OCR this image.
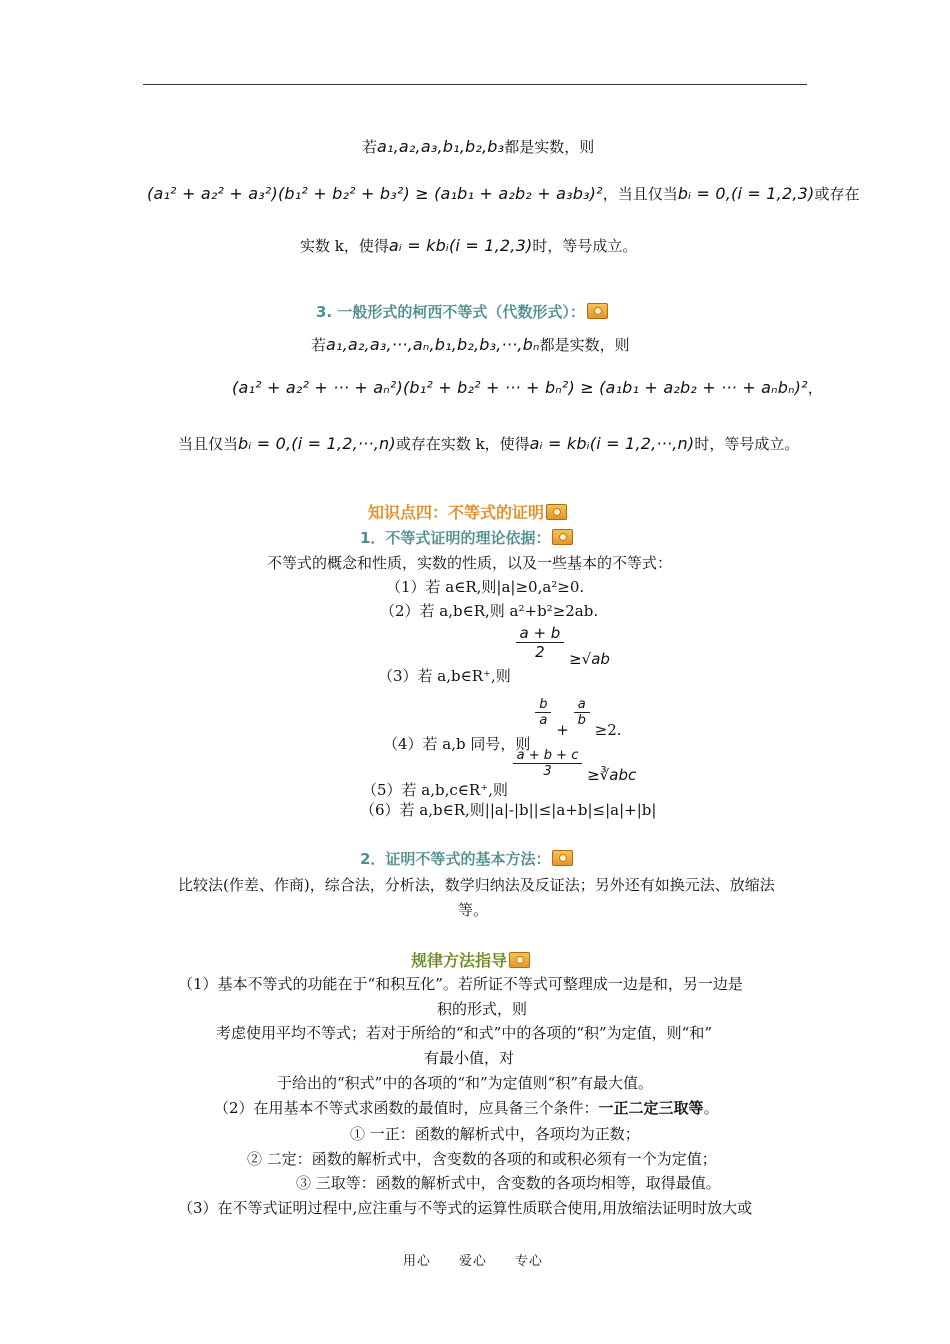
若a₁,a₂,a₃,b₁,b₂,b₃都是实数，则
(a₁² + a₂² + a₃²)(b₁² + b₂² + b₃²) ≥ (a₁b₁ + a₂b₂ + a₃b₃)²，当且仅当bᵢ = 0,(i = 1,2,3)或存在
实数 k，使得aᵢ = kbᵢ(i = 1,2,3)时，等号成立。
3. 一般形式的柯西不等式（代数形式）：
若a₁,a₂,a₃,···,aₙ,b₁,b₂,b₃,···,bₙ都是实数，则
(a₁² + a₂² + ··· + aₙ²)(b₁² + b₂² + ··· + bₙ²) ≥ (a₁b₁ + a₂b₂ + ··· + aₙbₙ)²，
当且仅当bᵢ = 0,(i = 1,2,···,n)或存在实数 k，使得aᵢ = kbᵢ(i = 1,2,···,n)时，等号成立。
知识点四：不等式的证明
1．不等式证明的理论依据：
不等式的概念和性质，实数的性质，以及一些基本的不等式：
（1）若 a∈R,则|a|≥0,a²≥0.
（2）若 a,b∈R,则 a²+b²≥2ab.
（3）若 a,b∈R⁺,则
$\frac{a + b}{2} \ge√ab$
（4）若 a,b 同号，则
$\frac{b}{a}$
+
$\frac{a}{b}$
≥2.
（5）若 a,b,c∈R⁺,则
$\frac{a + b + c}{3}$ ≥∛abc
（6）若 a,b∈R,则||a|-|b||≤|a+b|≤|a|+|b|
2．证明不等式的基本方法：
比较法(作差、作商)，综合法，分析法，数学归纳法及反证法；另外还有如换元法、放缩法
等。
规律方法指导
（1）基本不等式的功能在于“和积互化”。若所证不等式可整理成一边是和，另一边是
积的形式，则
考虑使用平均不等式；若对于所给的“和式”中的各项的“积”为定值，则“和”
有最小值，对
于给出的“积式”中的各项的“和”为定值则“积”有最大值。
（2）在用基本不等式求函数的最值时，应具备三个条件：一正二定三取等。
① 一正：函数的解析式中，各项均为正数；
② 二定：函数的解析式中，含变数的各项的和或积必须有一个为定值；
③ 三取等：函数的解析式中，含变数的各项均相等，取得最值。
（3）在不等式证明过程中,应注重与不等式的运算性质联合使用,用放缩法证明时放大或
用心　　爱心　　专心
